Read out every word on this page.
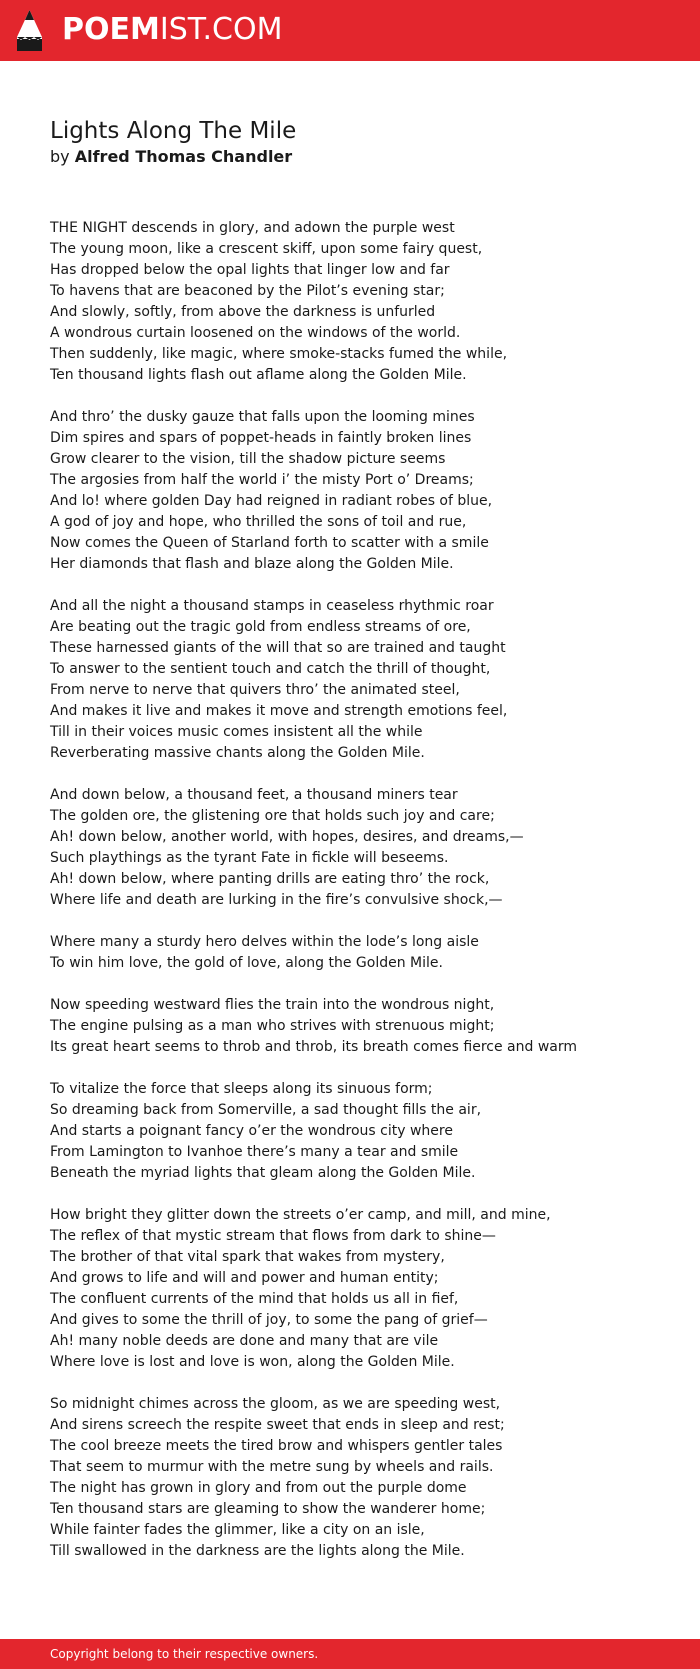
POEMIST.COM
Lights Along The Mile
by Alfred Thomas Chandler
THE NIGHT descends in glory, and adown the purple west
The young moon, like a crescent skiff, upon some fairy quest,
Has dropped below the opal lights that linger low and far
To havens that are beaconed by the Pilot’s evening star;
And slowly, softly, from above the darkness is unfurled
A wondrous curtain loosened on the windows of the world.
Then suddenly, like magic, where smoke-stacks fumed the while,
Ten thousand lights flash out aflame along the Golden Mile.
And thro’ the dusky gauze that falls upon the looming mines
Dim spires and spars of poppet-heads in faintly broken lines
Grow clearer to the vision, till the shadow picture seems
The argosies from half the world i’ the misty Port o’ Dreams;
And lo! where golden Day had reigned in radiant robes of blue,
A god of joy and hope, who thrilled the sons of toil and rue,
Now comes the Queen of Starland forth to scatter with a smile
Her diamonds that flash and blaze along the Golden Mile.
And all the night a thousand stamps in ceaseless rhythmic roar
Are beating out the tragic gold from endless streams of ore,
These harnessed giants of the will that so are trained and taught
To answer to the sentient touch and catch the thrill of thought,
From nerve to nerve that quivers thro’ the animated steel,
And makes it live and makes it move and strength emotions feel,
Till in their voices music comes insistent all the while
Reverberating massive chants along the Golden Mile.
And down below, a thousand feet, a thousand miners tear
The golden ore, the glistening ore that holds such joy and care;
Ah! down below, another world, with hopes, desires, and dreams,—
Such playthings as the tyrant Fate in fickle will beseems.
Ah! down below, where panting drills are eating thro’ the rock,
Where life and death are lurking in the fire’s convulsive shock,—
Where many a sturdy hero delves within the lode’s long aisle
To win him love, the gold of love, along the Golden Mile.
Now speeding westward flies the train into the wondrous night,
The engine pulsing as a man who strives with strenuous might;
Its great heart seems to throb and throb, its breath comes fierce and warm
To vitalize the force that sleeps along its sinuous form;
So dreaming back from Somerville, a sad thought fills the air,
And starts a poignant fancy o’er the wondrous city where
From Lamington to Ivanhoe there’s many a tear and smile
Beneath the myriad lights that gleam along the Golden Mile.
How bright they glitter down the streets o’er camp, and mill, and mine,
The reflex of that mystic stream that flows from dark to shine—
The brother of that vital spark that wakes from mystery,
And grows to life and will and power and human entity;
The confluent currents of the mind that holds us all in fief,
And gives to some the thrill of joy, to some the pang of grief—
Ah! many noble deeds are done and many that are vile
Where love is lost and love is won, along the Golden Mile.
So midnight chimes across the gloom, as we are speeding west,
And sirens screech the respite sweet that ends in sleep and rest;
The cool breeze meets the tired brow and whispers gentler tales
That seem to murmur with the metre sung by wheels and rails.
The night has grown in glory and from out the purple dome
Ten thousand stars are gleaming to show the wanderer home;
While fainter fades the glimmer, like a city on an isle,
Till swallowed in the darkness are the lights along the Mile.
Copyright belong to their respective owners.
